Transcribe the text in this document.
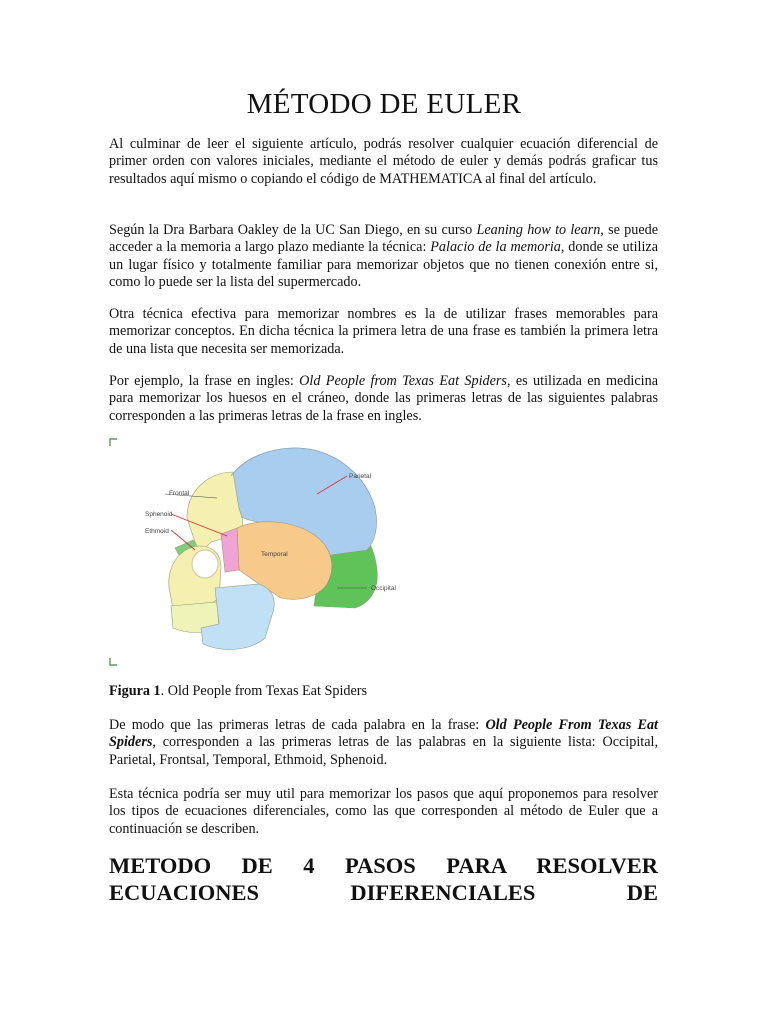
MÉTODO DE EULER

Al culminar de leer el siguiente artículo, podrás resolver cualquier ecuación diferencial de primer orden con valores iniciales, mediante el método de euler y demás podrás graficar tus resultados aquí mismo o copiando el código de MATHEMATICA al final del artículo.

Según la Dra Barbara Oakley de la UC San Diego, en su curso Leaning how to learn, se puede acceder a la memoria a largo plazo mediante la técnica: Palacio de la memoria, donde se utiliza un lugar físico y totalmente familiar para memorizar objetos que no tienen conexión entre si, como lo puede ser la lista del supermercado.

Otra técnica efectiva para memorizar nombres es la de utilizar frases memorables para memorizar conceptos. En dicha técnica la primera letra de una frase es también la primera letra de una lista que necesita ser memorizada.

Por ejemplo, la frase en ingles: Old People from Texas Eat Spiders, es utilizada en medicina para memorizar los huesos en el cráneo, donde las primeras letras de las siguientes palabras corresponden a las primeras letras de la frase en ingles.

Parietal
Frontal
Sphenoid
Ethmoid
Temporal
Occipital

Figura 1. Old People from Texas Eat Spiders

De modo que las primeras letras de cada palabra en la frase: Old People From Texas Eat Spiders, corresponden a las primeras letras de las palabras en la siguiente lista: Occipital, Parietal, Frontsal, Temporal, Ethmoid, Sphenoid.

Esta técnica podría ser muy util para memorizar los pasos que aquí proponemos para resolver los tipos de ecuaciones diferenciales, como las que corresponden al método de Euler que a continuación se describen.

METODO DE 4 PASOS PARA RESOLVER ECUACIONES DIFERENCIALES DE
